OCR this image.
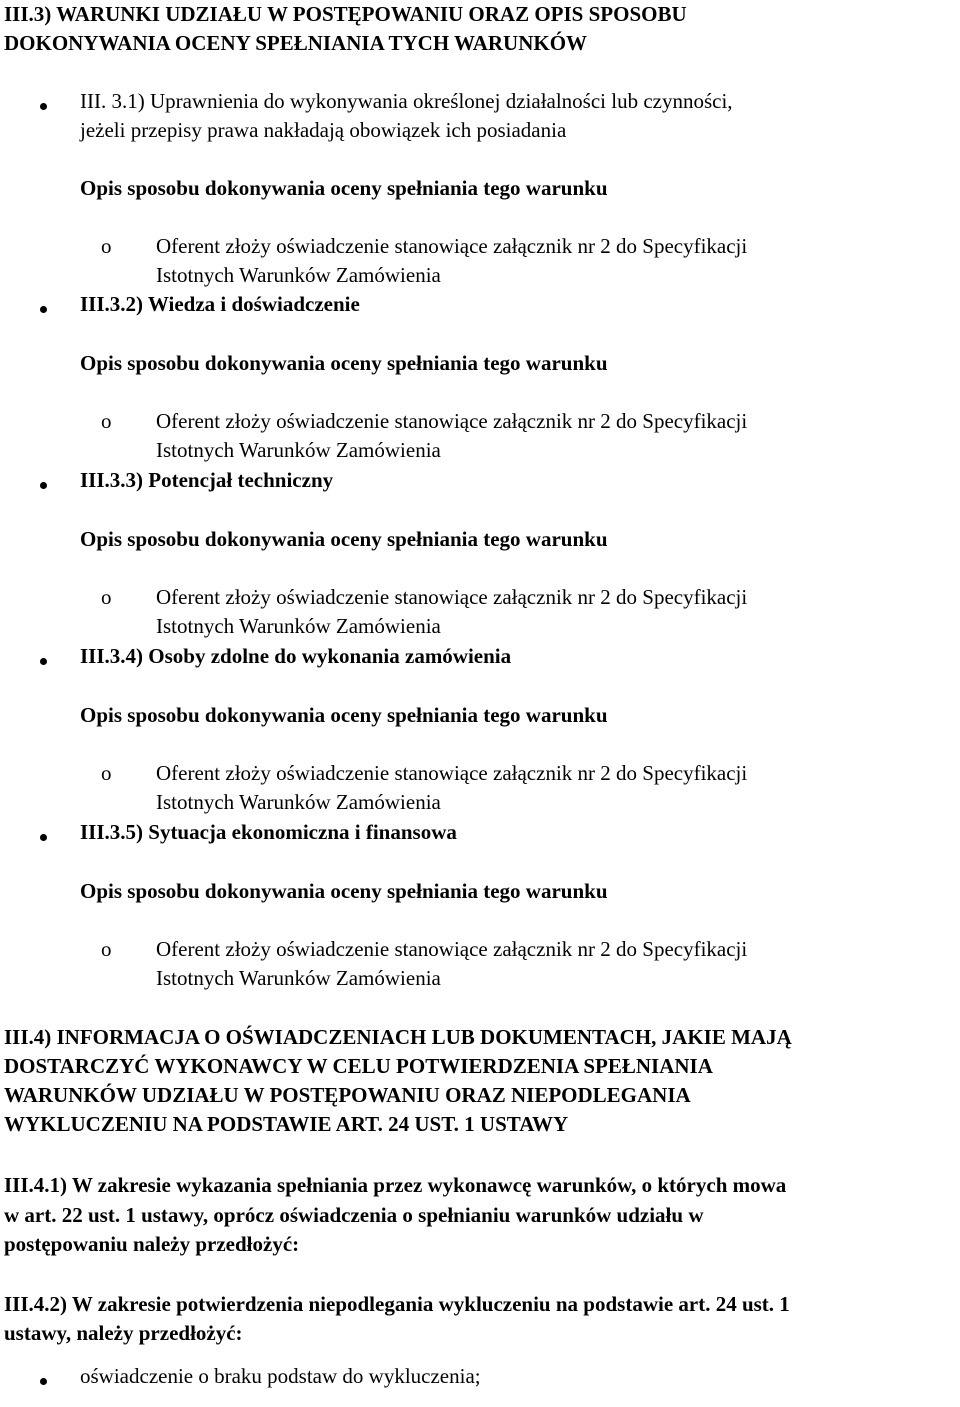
III.3) WARUNKI UDZIAŁU W POSTĘPOWANIU ORAZ OPIS SPOSOBU
DOKONYWANIA OCENY SPEŁNIANIA TYCH WARUNKÓW
III. 3.1) Uprawnienia do wykonywania określonej działalności lub czynności,
jeżeli przepisy prawa nakładają obowiązek ich posiadania
Opis sposobu dokonywania oceny spełniania tego warunku
o Oferent złoży oświadczenie stanowiące załącznik nr 2 do Specyfikacji
Istotnych Warunków Zamówienia
III.3.2) Wiedza i doświadczenie
Opis sposobu dokonywania oceny spełniania tego warunku
o Oferent złoży oświadczenie stanowiące załącznik nr 2 do Specyfikacji
Istotnych Warunków Zamówienia
III.3.3) Potencjał techniczny
Opis sposobu dokonywania oceny spełniania tego warunku
o Oferent złoży oświadczenie stanowiące załącznik nr 2 do Specyfikacji
Istotnych Warunków Zamówienia
III.3.4) Osoby zdolne do wykonania zamówienia
Opis sposobu dokonywania oceny spełniania tego warunku
o Oferent złoży oświadczenie stanowiące załącznik nr 2 do Specyfikacji
Istotnych Warunków Zamówienia
III.3.5) Sytuacja ekonomiczna i finansowa
Opis sposobu dokonywania oceny spełniania tego warunku
o Oferent złoży oświadczenie stanowiące załącznik nr 2 do Specyfikacji
Istotnych Warunków Zamówienia
III.4) INFORMACJA O OŚWIADCZENIACH LUB DOKUMENTACH, JAKIE MAJĄ
DOSTARCZYĆ WYKONAWCY W CELU POTWIERDZENIA SPEŁNIANIA
WARUNKÓW UDZIAŁU W POSTĘPOWANIU ORAZ NIEPODLEGANIA
WYKLUCZENIU NA PODSTAWIE ART. 24 UST. 1 USTAWY
III.4.1) W zakresie wykazania spełniania przez wykonawcę warunków, o których mowa
w art. 22 ust. 1 ustawy, oprócz oświadczenia o spełnianiu warunków udziału w
postępowaniu należy przedłożyć:
III.4.2) W zakresie potwierdzenia niepodlegania wykluczeniu na podstawie art. 24 ust. 1
ustawy, należy przedłożyć:
oświadczenie o braku podstaw do wykluczenia;
